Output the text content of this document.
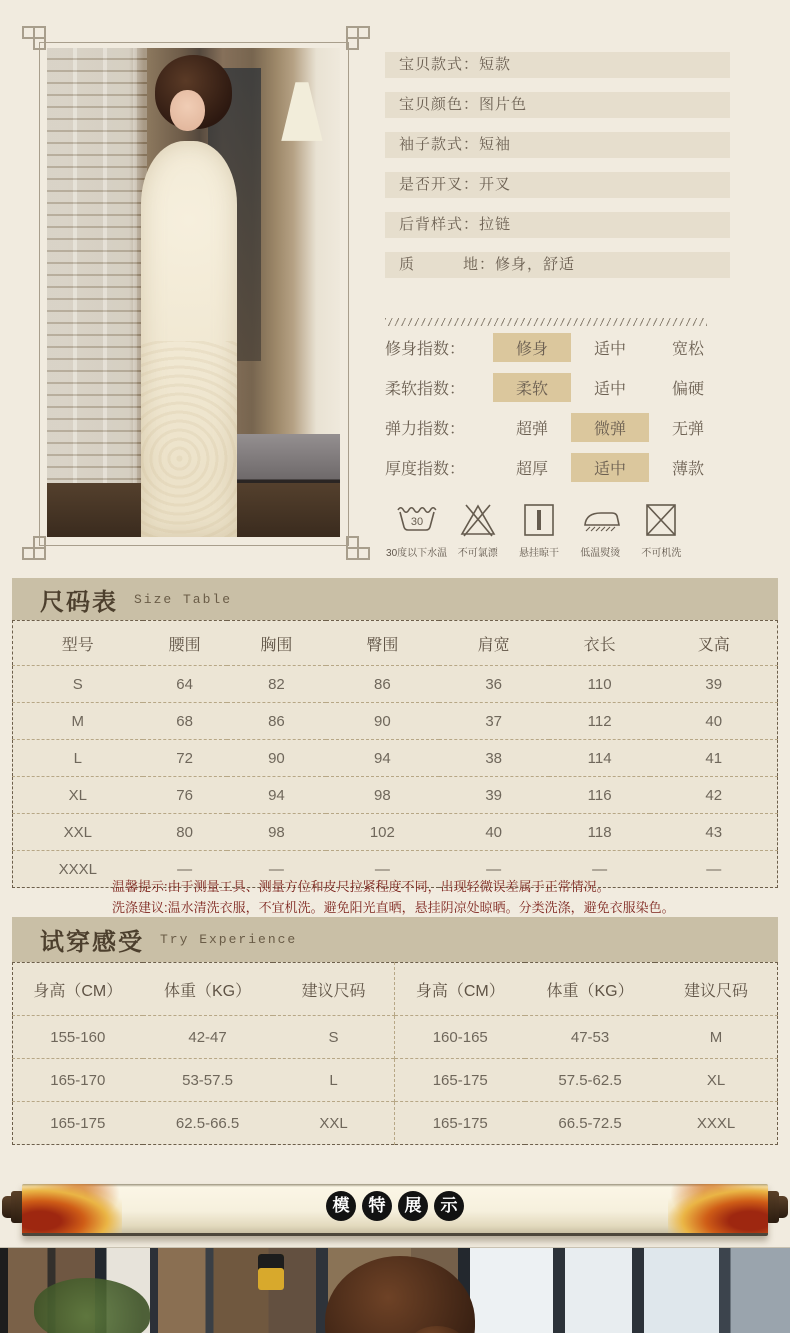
宝贝款式：短款
宝贝颜色：图片色
袖子款式：短袖
是否开叉：开叉
后背样式：拉链
质　　　地：修身，舒适
修身指数：	修身	适中	宽松
柔软指数：	柔软	适中	偏硬
弹力指数：	超弹	微弹	无弹
厚度指数：	超厚	适中	薄款
30
30度以下水温 不可氯漂 悬挂晾干 低温熨烫 不可机洗
尺码表 Size Table
型号	腰围	胸围	臀围	肩宽	衣长	叉高
S	64	82	86	36	110	39
M	68	86	90	37	112	40
L	72	90	94	38	114	41
XL	76	94	98	39	116	42
XXL	80	98	102	40	118	43
XXXL	—	—	—	—	—	—
温馨提示:由于测量工具、测量方位和皮尺拉紧程度不同，出现轻微误差属于正常情况。
洗涤建议:温水清洗衣服，不宜机洗。避免阳光直晒，悬挂阴凉处晾晒。分类洗涤，避免衣服染色。
试穿感受 Try Experience
身高（CM）	体重（KG）	建议尺码	身高（CM）	体重（KG）	建议尺码
155-160	42-47	S	160-165	47-53	M
165-170	53-57.5	L	165-175	57.5-62.5	XL
165-175	62.5-66.5	XXL	165-175	66.5-72.5	XXXL
模	特	展	示
